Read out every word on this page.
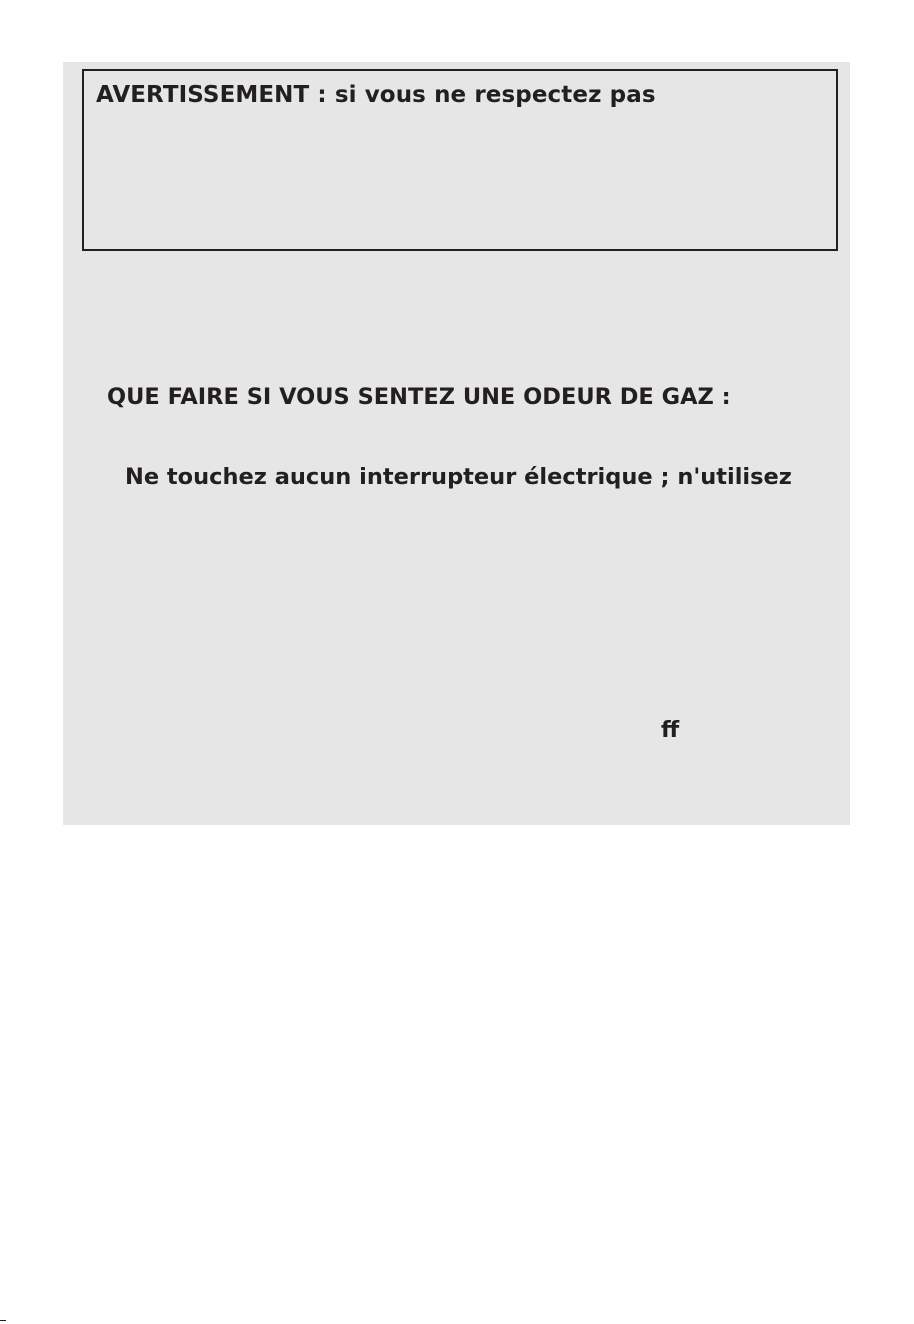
AVERTISSEMENT : si vous ne respectez pas
QUE FAIRE SI VOUS SENTEZ UNE ODEUR DE GAZ :
Ne touchez aucun interrupteur électrique ; n'utilisez
ff
